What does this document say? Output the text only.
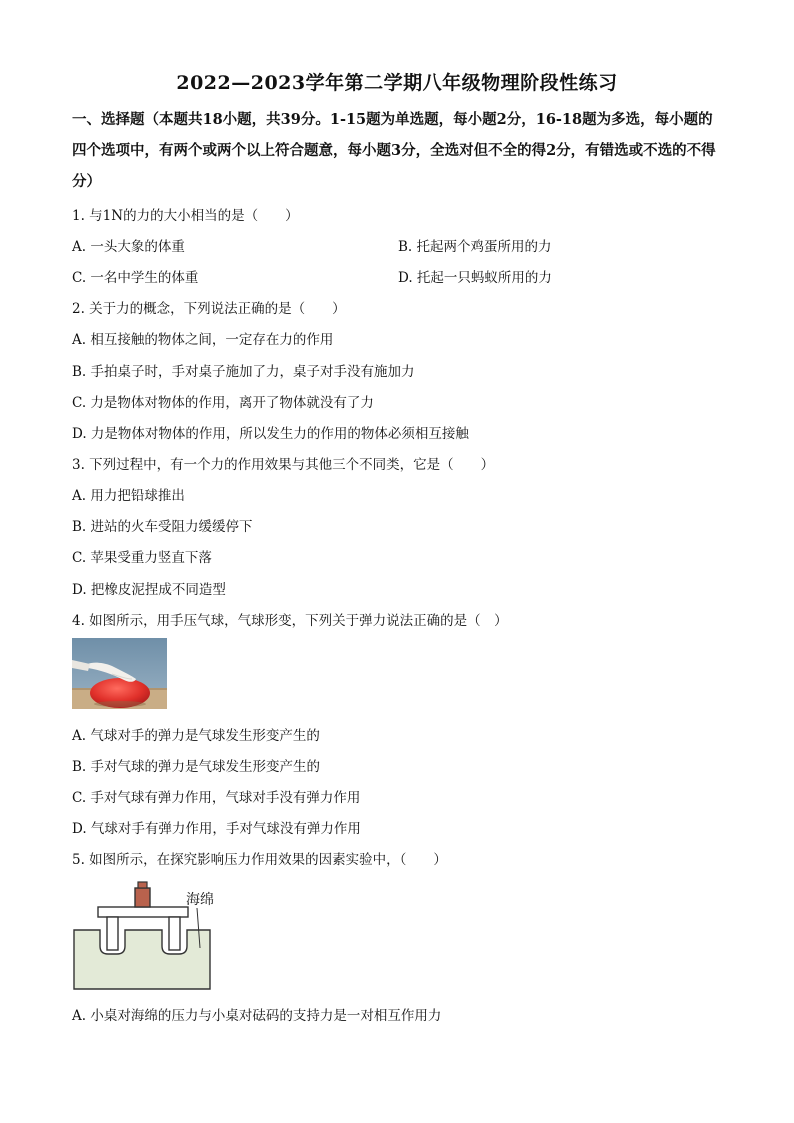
2022—2023学年第二学期八年级物理阶段性练习
一、选择题（本题共18小题，共39分。1-15题为单选题，每小题2分，16-18题为多选，每小题的四个选项中，有两个或两个以上符合题意，每小题3分，全选对但不全的得2分，有错选或不选的不得分）
1. 与1N的力的大小相当的是（　　）
A. 一头大象的体重	B. 托起两个鸡蛋所用的力
C. 一名中学生的体重	D. 托起一只蚂蚁所用的力
2. 关于力的概念，下列说法正确的是（　　）
A. 相互接触的物体之间，一定存在力的作用
B. 手拍桌子时，手对桌子施加了力，桌子对手没有施加力
C. 力是物体对物体的作用，离开了物体就没有了力
D. 力是物体对物体的作用，所以发生力的作用的物体必须相互接触
3. 下列过程中，有一个力的作用效果与其他三个不同类，它是（　　）
A. 用力把铅球推出
B. 进站的火车受阻力缓缓停下
C. 苹果受重力竖直下落
D. 把橡皮泥捏成不同造型
4. 如图所示，用手压气球，气球形变，下列关于弹力说法正确的是（　）
A. 气球对手的弹力是气球发生形变产生的
B. 手对气球的弹力是气球发生形变产生的
C. 手对气球有弹力作用，气球对手没有弹力作用
D. 气球对手有弹力作用，手对气球没有弹力作用
5. 如图所示，在探究影响压力作用效果的因素实验中，（　　）
海绵
A. 小桌对海绵的压力与小桌对砝码的支持力是一对相互作用力
